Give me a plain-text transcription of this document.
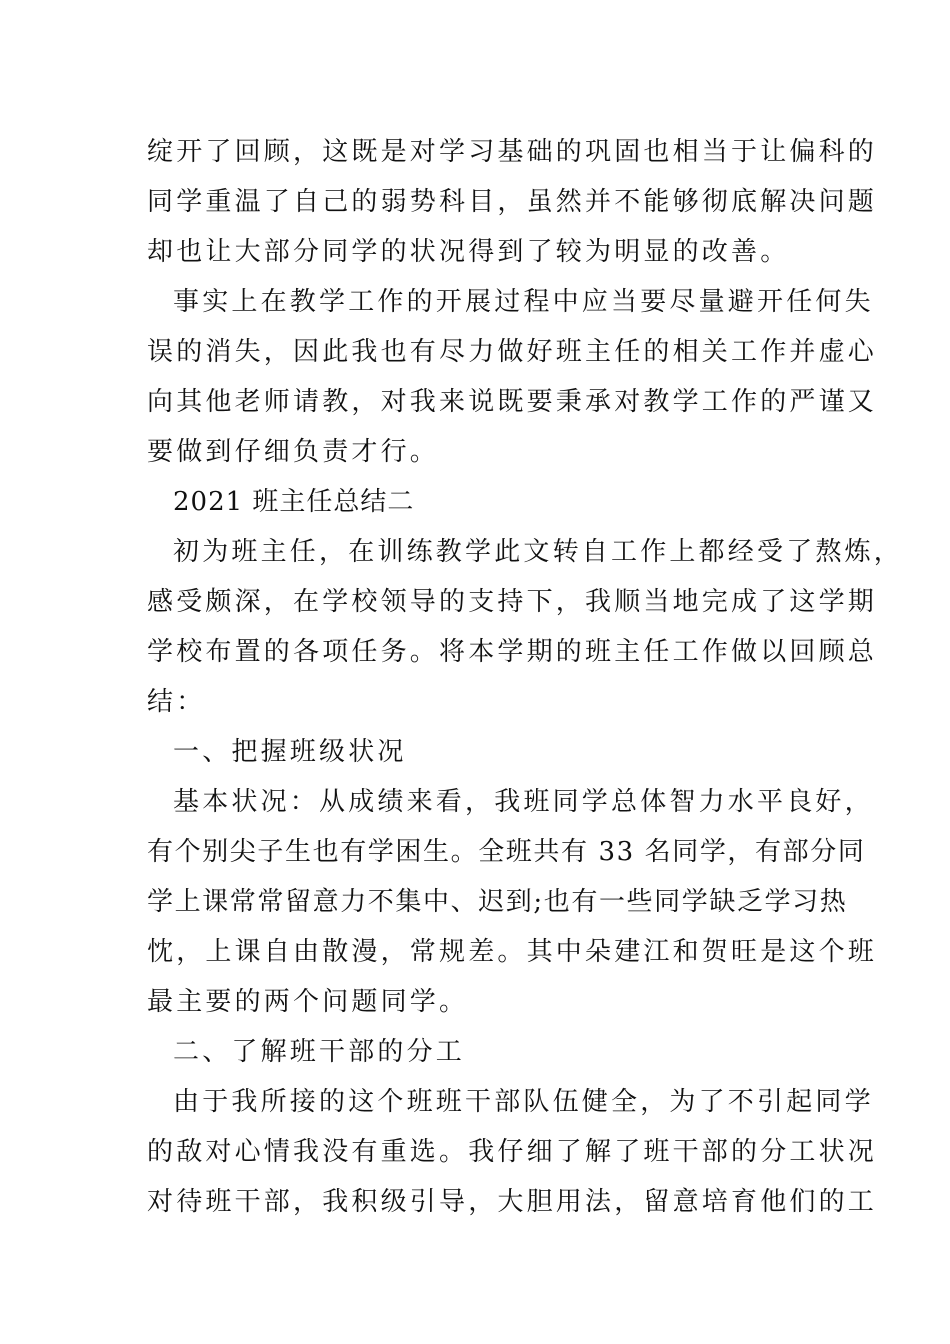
绽开了回顾，这既是对学习基础的巩固也相当于让偏科的
同学重温了自己的弱势科目，虽然并不能够彻底解决问题
却也让大部分同学的状况得到了较为明显的改善。
事实上在教学工作的开展过程中应当要尽量避开任何失
误的消失，因此我也有尽力做好班主任的相关工作并虚心
向其他老师请教，对我来说既要秉承对教学工作的严谨又
要做到仔细负责才行。
2021 班主任总结二
初为班主任，在训练教学此文转自工作上都经受了熬炼，
感受颇深，在学校领导的支持下，我顺当地完成了这学期
学校布置的各项任务。将本学期的班主任工作做以回顾总
结：
一、把握班级状况
基本状况：从成绩来看，我班同学总体智力水平良好，
有个别尖子生也有学困生。全班共有 33 名同学，有部分同
学上课常常留意力不集中、迟到;也有一些同学缺乏学习热
忱，上课自由散漫，常规差。其中朵建江和贺旺是这个班
最主要的两个问题同学。
二、了解班干部的分工
由于我所接的这个班班干部队伍健全，为了不引起同学
的敌对心情我没有重选。我仔细了解了班干部的分工状况
对待班干部，我积级引导，大胆用法，留意培育他们的工
